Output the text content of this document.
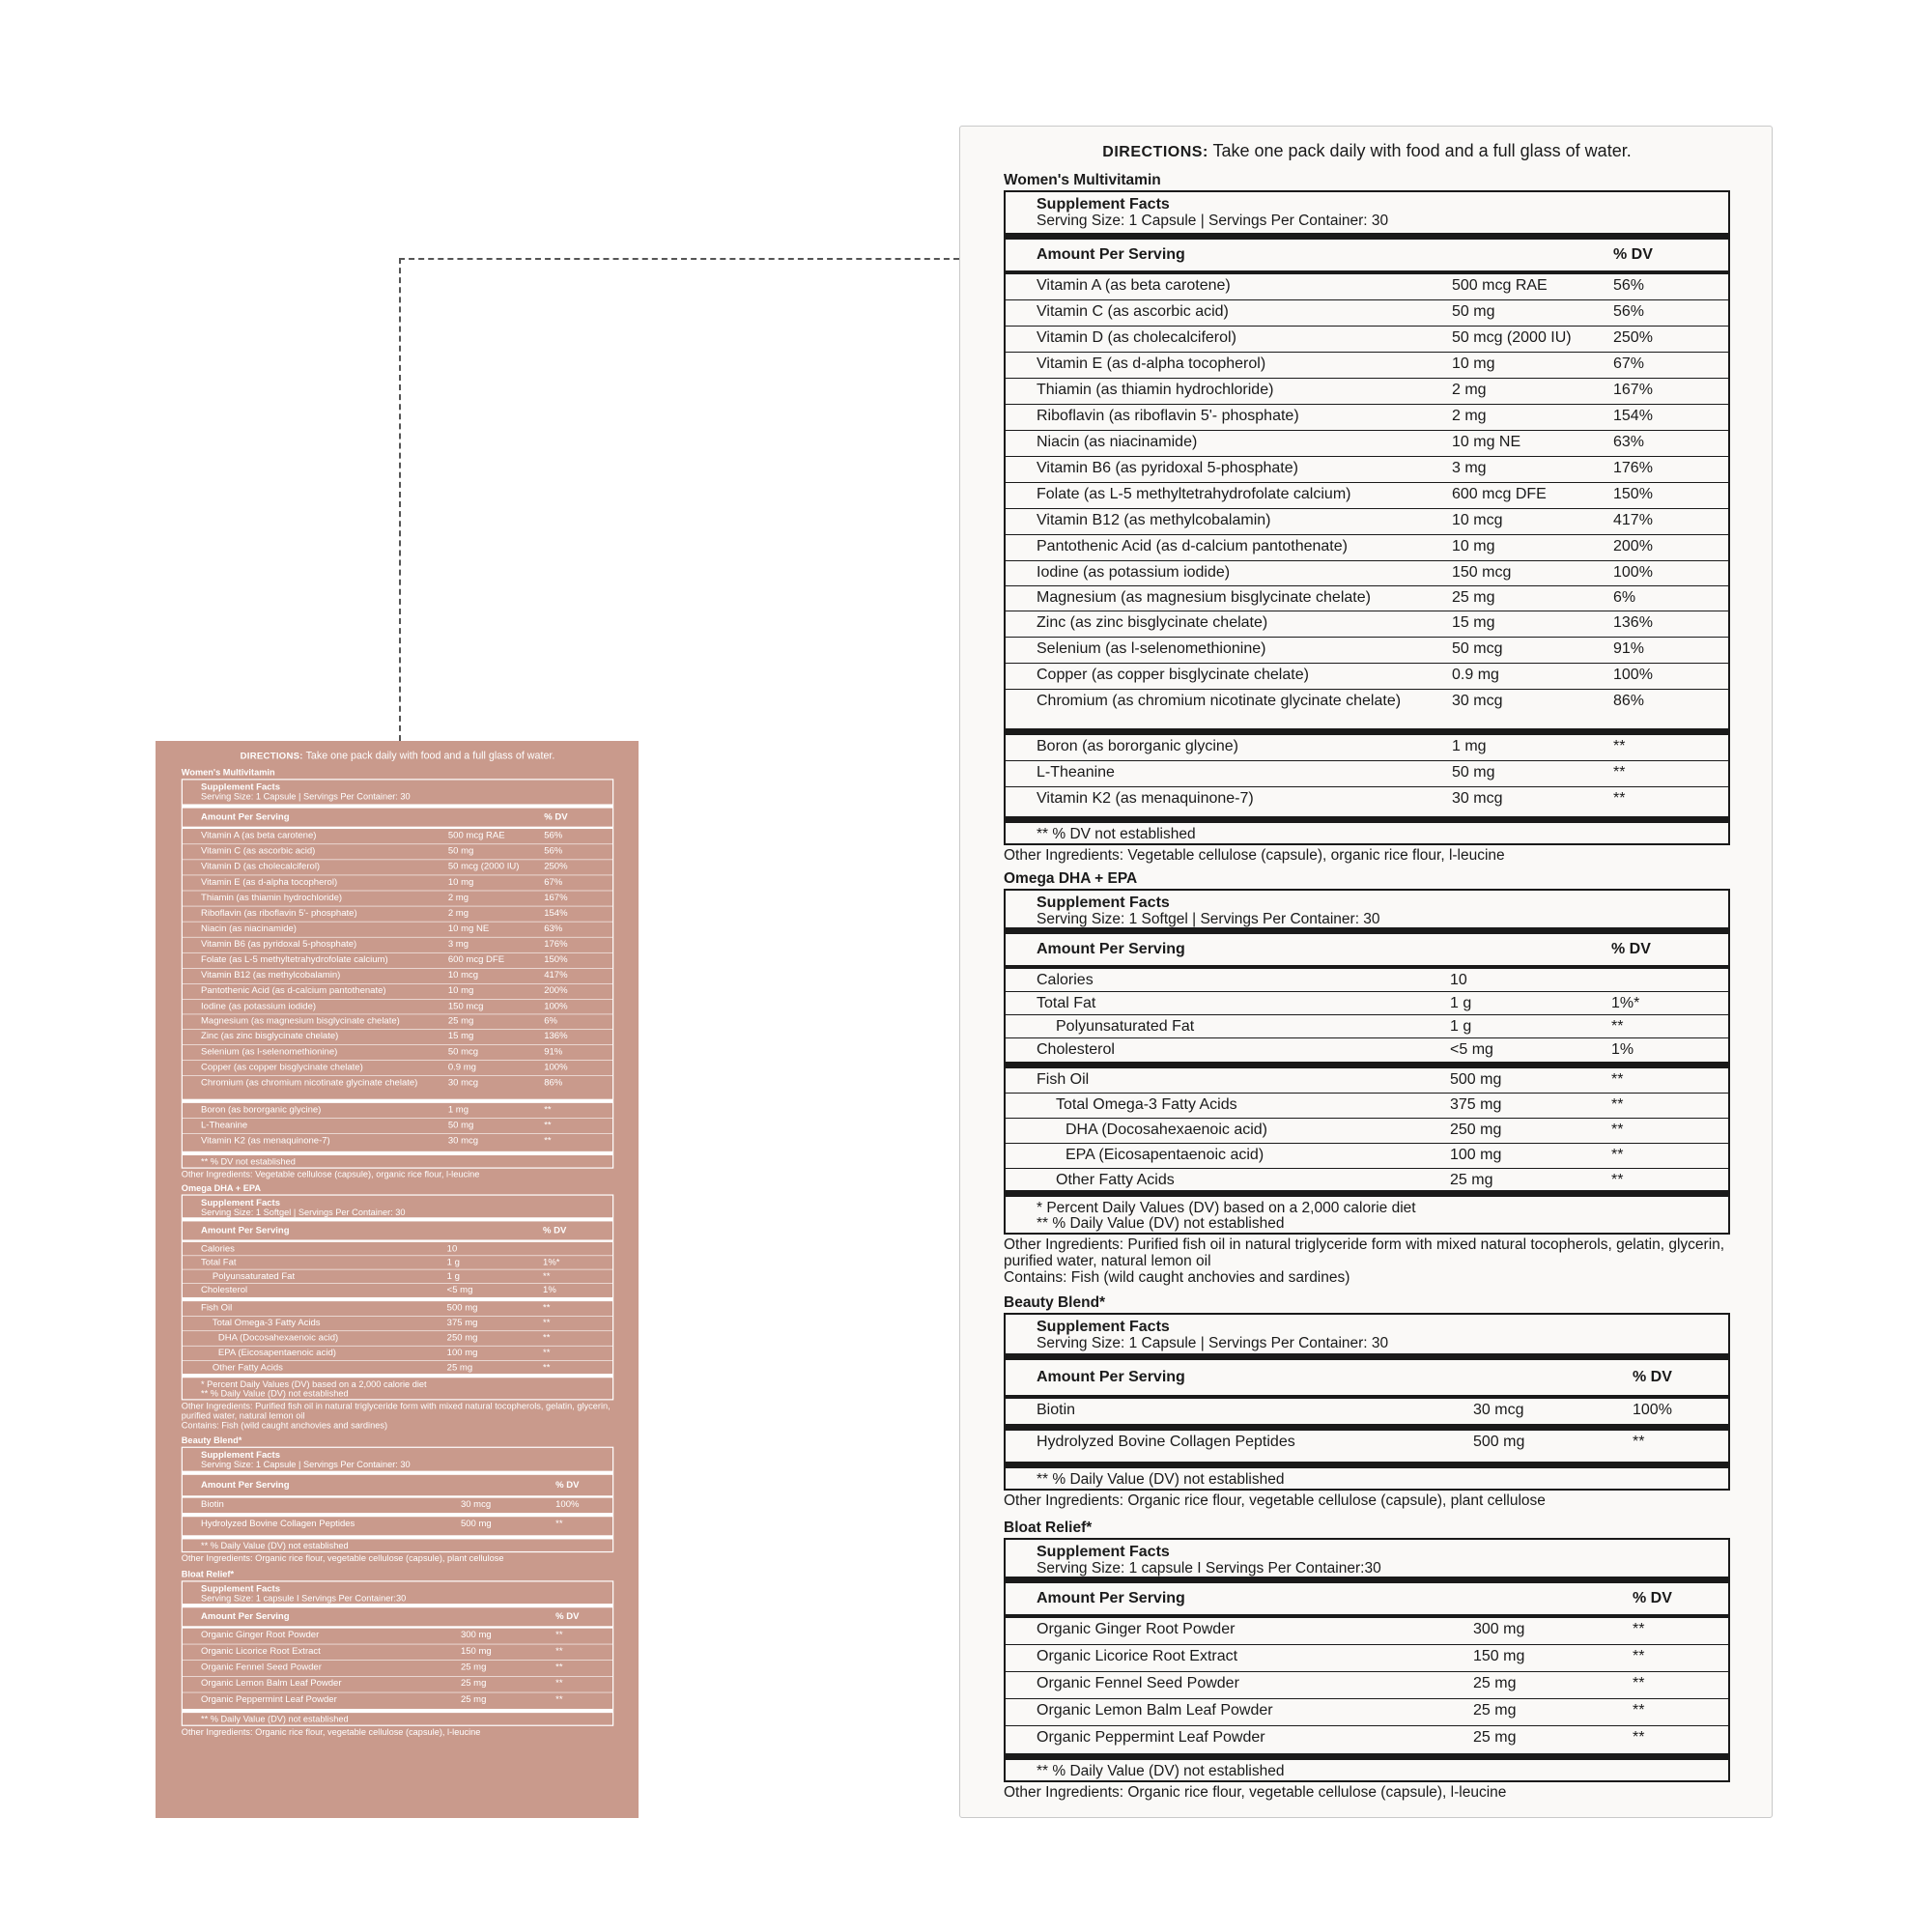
DIRECTIONS: Take one pack daily with food and a full glass of water.
Women's Multivitamin
Supplement Facts
Serving Size: 1 Capsule | Servings Per Container: 30
Amount Per Serving	% DV
Vitamin A (as beta carotene)	500 mcg RAE	56%
Vitamin C (as ascorbic acid)	50 mg	56%
Vitamin D (as cholecalciferol)	50 mcg (2000 IU)	250%
Vitamin E (as d-alpha tocopherol)	10 mg	67%
Thiamin (as thiamin hydrochloride)	2 mg	167%
Riboflavin (as riboflavin 5'- phosphate)	2 mg	154%
Niacin (as niacinamide)	10 mg NE	63%
Vitamin B6 (as pyridoxal 5-phosphate)	3 mg	176%
Folate (as L-5 methyltetrahydrofolate calcium)	600 mcg DFE	150%
Vitamin B12 (as methylcobalamin)	10 mcg	417%
Pantothenic Acid (as d-calcium pantothenate)	10 mg	200%
Iodine (as potassium iodide)	150 mcg	100%
Magnesium (as magnesium bisglycinate chelate)	25 mg	6%
Zinc (as zinc bisglycinate chelate)	15 mg	136%
Selenium (as l-selenomethionine)	50 mcg	91%
Copper (as copper bisglycinate chelate)	0.9 mg	100%
Chromium (as chromium nicotinate glycinate chelate)	30 mcg	86%
Boron (as bororganic glycine)	1 mg	**
L-Theanine	50 mg	**
Vitamin K2 (as menaquinone-7)	30 mcg	**
** % DV not established
Other Ingredients: Vegetable cellulose (capsule), organic rice flour, l-leucine
Omega DHA + EPA
Supplement Facts
Serving Size: 1 Softgel | Servings Per Container: 30
Amount Per Serving	% DV
Calories	10
Total Fat	1 g	1%*
Polyunsaturated Fat	1 g	**
Cholesterol	<5 mg	1%
Fish Oil	500 mg	**
Total Omega-3 Fatty Acids	375 mg	**
DHA (Docosahexaenoic acid)	250 mg	**
EPA (Eicosapentaenoic acid)	100 mg	**
Other Fatty Acids	25 mg	**
* Percent Daily Values (DV) based on a 2,000 calorie diet
** % Daily Value (DV) not established
Other Ingredients: Purified fish oil in natural triglyceride form with mixed natural tocopherols, gelatin, glycerin, purified water, natural lemon oil
Contains: Fish (wild caught anchovies and sardines)
Beauty Blend*
Supplement Facts
Serving Size: 1 Capsule | Servings Per Container: 30
Amount Per Serving	% DV
Biotin	30 mcg	100%
Hydrolyzed Bovine Collagen Peptides	500 mg	**
** % Daily Value (DV) not established
Other Ingredients: Organic rice flour, vegetable cellulose (capsule), plant cellulose
Bloat Relief*
Supplement Facts
Serving Size: 1 capsule I Servings Per Container:30
Amount Per Serving	% DV
Organic Ginger Root Powder	300 mg	**
Organic Licorice Root Extract	150 mg	**
Organic Fennel Seed Powder	25 mg	**
Organic Lemon Balm Leaf Powder	25 mg	**
Organic Peppermint Leaf Powder	25 mg	**
** % Daily Value (DV) not established
Other Ingredients: Organic rice flour, vegetable cellulose (capsule), l-leucine
DIRECTIONS: Take one pack daily with food and a full glass of water.
Women's Multivitamin
Supplement Facts
Serving Size: 1 Capsule | Servings Per Container: 30
Amount Per Serving	% DV
Vitamin A (as beta carotene)	500 mcg RAE	56%
Vitamin C (as ascorbic acid)	50 mg	56%
Vitamin D (as cholecalciferol)	50 mcg (2000 IU)	250%
Vitamin E (as d-alpha tocopherol)	10 mg	67%
Thiamin (as thiamin hydrochloride)	2 mg	167%
Riboflavin (as riboflavin 5'- phosphate)	2 mg	154%
Niacin (as niacinamide)	10 mg NE	63%
Vitamin B6 (as pyridoxal 5-phosphate)	3 mg	176%
Folate (as L-5 methyltetrahydrofolate calcium)	600 mcg DFE	150%
Vitamin B12 (as methylcobalamin)	10 mcg	417%
Pantothenic Acid (as d-calcium pantothenate)	10 mg	200%
Iodine (as potassium iodide)	150 mcg	100%
Magnesium (as magnesium bisglycinate chelate)	25 mg	6%
Zinc (as zinc bisglycinate chelate)	15 mg	136%
Selenium (as l-selenomethionine)	50 mcg	91%
Copper (as copper bisglycinate chelate)	0.9 mg	100%
Chromium (as chromium nicotinate glycinate chelate)	30 mcg	86%
Boron (as bororganic glycine)	1 mg	**
L-Theanine	50 mg	**
Vitamin K2 (as menaquinone-7)	30 mcg	**
** % DV not established
Other Ingredients: Vegetable cellulose (capsule), organic rice flour, l-leucine
Omega DHA + EPA
Supplement Facts
Serving Size: 1 Softgel | Servings Per Container: 30
Amount Per Serving	% DV
Calories	10
Total Fat	1 g	1%*
Polyunsaturated Fat	1 g	**
Cholesterol	<5 mg	1%
Fish Oil	500 mg	**
Total Omega-3 Fatty Acids	375 mg	**
DHA (Docosahexaenoic acid)	250 mg	**
EPA (Eicosapentaenoic acid)	100 mg	**
Other Fatty Acids	25 mg	**
* Percent Daily Values (DV) based on a 2,000 calorie diet
** % Daily Value (DV) not established
Other Ingredients: Purified fish oil in natural triglyceride form with mixed natural tocopherols, gelatin, glycerin, purified water, natural lemon oil
Contains: Fish (wild caught anchovies and sardines)
Beauty Blend*
Supplement Facts
Serving Size: 1 Capsule | Servings Per Container: 30
Amount Per Serving	% DV
Biotin	30 mcg	100%
Hydrolyzed Bovine Collagen Peptides	500 mg	**
** % Daily Value (DV) not established
Other Ingredients: Organic rice flour, vegetable cellulose (capsule), plant cellulose
Bloat Relief*
Supplement Facts
Serving Size: 1 capsule I Servings Per Container:30
Amount Per Serving	% DV
Organic Ginger Root Powder	300 mg	**
Organic Licorice Root Extract	150 mg	**
Organic Fennel Seed Powder	25 mg	**
Organic Lemon Balm Leaf Powder	25 mg	**
Organic Peppermint Leaf Powder	25 mg	**
** % Daily Value (DV) not established
Other Ingredients: Organic rice flour, vegetable cellulose (capsule), l-leucine
